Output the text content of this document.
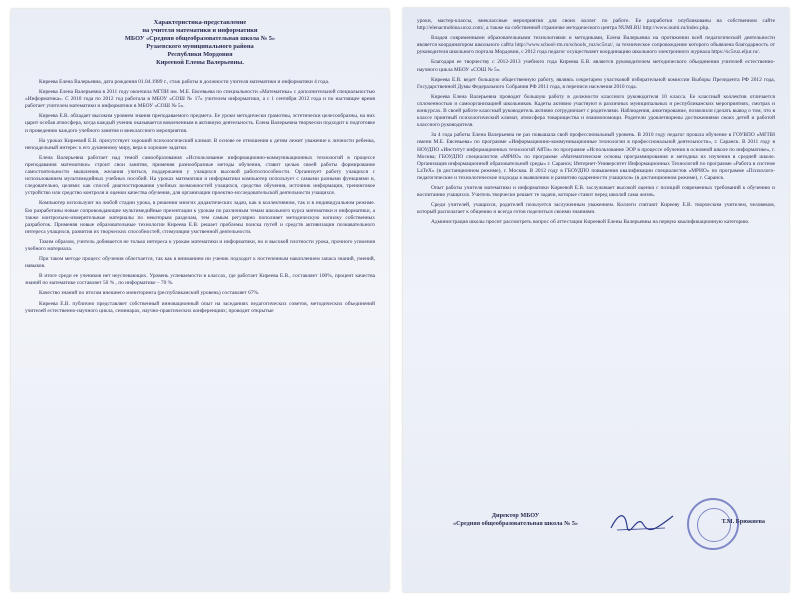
Характеристика-представление
на учителя математики и информатики
МБОУ «Средняя общеобразовательная школа № 5»
Рузаевского муниципального района
Республики Мордовия
Киреевой Елены Валерьевны.

Киреева Елена Валерьевна, дата рождения 01.04.1989 г., стаж работы в должности учителя математики и информатики 4 года.

Киреева Елена Валерьевна в 2011 году окончила МГПИ им. М.Е. Евсевьева по специальности «Математика» с дополнительной специальностью «Информатика». С 2010 года по 2012 год работала в МБОУ «СОШ № 17» учителем информатики, а с 1 сентября 2012 года и по настоящее время работает учителем математики и информатики в МБОУ «СОШ № 5».

Киреева Е.В. обладает высоким уровнем знания преподаваемого предмета. Ее уроки методически грамотны, эстетически целесообразны, на них царит особая атмосфера, когда каждый ученик оказывается вовлеченным в активную деятельность. Елена Валерьевна творчески подходит к подготовке и проведению каждого учебного занятия и внеклассного мероприятия.

На уроках Киреевой Е.В. присутствует хороший психологический климат. В основе ее отношения к детям лежит уважение к личности ребенка, неподдельный интерес к его душевному миру, вера в хорошее задатки.

Елена Валерьевна работает над темой самообразования «Использование информационно-коммуникационных технологий в процессе преподавания математики» строит свои занятия, применяя разнообразные методы обучения, ставит целью своей работы формирование самостоятельности мышления, желания учиться, поддержания у учащихся высокой работоспособности. Организует работу учащихся с использованием мультимедийных учебных пособий. На уроках математики и информатики компьютер использует с самыми разными функциями и, следовательно, целями: как способ диагностирования учебных возможностей учащихся, средство обучения, источник информации, тренинговое устройство или средство контроля и оценки качества обучения, для организации проектно-исследовательской деятельности учащихся.

Компьютер используют на любой стадии урока, в решении многих дидактических задач, как в коллективном, так и в индивидуальном режиме. Ею разработаны новые сопровождающие мультимедийные презентации к урокам по различным темам школьного курса математики и информатики, а также контрольно-измерительные материалы по некоторым разделам, тем самым регулярно пополняет методическую копилку собственных разработок. Применяя новые образовательные технологии Киреева Е.В. решает проблемы поиска путей и средств активизации познавательного интереса учащихся, развития их творческих способностей, стимуляции умственной деятельности.

Таким образом, учитель добивается не только интереса к урокам математики и информатики, но и высокой плотности урока, прочного усвоения учебного материала.

При таком методе процесс обучения облегчается, так как в вниманием ни ученик подходит к постепенным накоплением запаса знаний, умений, навыков.

В итоге среди ее учеников нет неуспевающих. Уровень успеваемости в классах, где работает Киреева Е.В., составляет 100%, процент качества знаний по математике составляет 50 % , по информатике – 70 %.

Качество знаний по итогам внешнего мониторинга (республиканский уровень) составляет 67%.

Киреева Е.В. публично представляет собственный инновационный опыт на заседаниях педагогических советов, методических объединений учителей естественно-научного цикла, семинарах, научно-практических конференциях; проводит открытые

уроки, мастер-классы, внеклассные мероприятия для своих коллег по работе. Ее разработки опубликованы на собственном сайте http://elenacmobina.ucoz.com/, а также на собственной страничке методического центра NUMI.RU http://www.numi.ru/index.php.

Владея современными образовательными технологиями и методиками, Елена Валерьевна на протяжении всей педагогической деятельности является координатором школьного сайта http://www.school-rm.ru/schools_ruz/sc5ruz/, за техническое сопровождение которого объявлена благодарность от руководителя школьного портала Мордовии, с 2012 года педагог осуществляет координацию школьного электронного журнала https://sc5ruz.eljur.ru/.

Благодаря ее творчеству с 2012-2013 учебного года Киреева Е.В. является руководителем методического объединения учителей естественно-научного цикла МБОУ «СОШ № 5».

Киреева Е.В. ведет большую общественную работу, являясь секретарем участковой избирательной комиссии Выборы Президента РФ 2012 года, Государственной Думы Федерального Собрания РФ 2011 года, в переписи населения 2010 года.

Киреева Елена Валерьевна проводит большую работу в должности классного руководителя 10 класса. Ее классный коллектив отличается сплоченностью и самоорганизацией школьников. Кадеты активно участвуют в различных муниципальных и республиканских мероприятиях, смотрах и конкурсах. В своей работе классный руководитель активно сотрудничает с родителями. Наблюдения, анкетирование, позволили сделать вывод о том, что в классе приятный психологический климат, атмосфера товарищества и взаимопомощи. Родители удовлетворены достижениями своих детей и работой классного руководителя.

За 4 года работы Елена Валерьевна не раз повышала свой профессиональный уровень. В 2010 году педагог прошла обучение в ГОУВПО «МГПИ имени М.Е. Евсевьева» по программе «Информационно-коммуникационные технологии в профессиональной деятельности», г. Саранск. В 2011 году в НОУДПО «Институт информационных технологий АйТи» по программе «Использование ЭОР в процессе обучения в основной школе по информатике», г. Москва; ГБОУДПО специалистов «МРИО» по программе «Математические основы программирования и методика их изучения в средней школе. Организация информационной образовательной среды» г. Саранск; Интернет-Университет Информационных Технологий по программе «Работа в системе LaTeX» (в дистанционном режиме), г. Москва. В 2012 году в ГБОУДПО повышения квалификации специалистов «МРИО» по программе «Психолого-педагогические и технологические подходы к выявлению и развитию одаренности учащихся» (в дистанционном режиме), г. Саранск.

Опыт работы учителя математики и информатики Киреевой Е.В. заслуживает высокой оценки с позиций современных требований к обучению и воспитанию учащихся. Учитель творчески решает те задачи, которые ставит перед школой сама жизнь.

Среди учителей, учащихся, родителей пользуется заслуженным уважением. Коллеги считают Кирееву Е.В. творческим учителем, человеком, который располагает к общению и всегда готов поделиться своими знаниями.

Администрация школы просит рассмотреть вопрос об аттестации Киреевой Елены Валерьевны на первую квалификационную категорию.

Директор МБОУ
«Средняя общеобразовательная школа № 5»	Т.М. Брюжиева
